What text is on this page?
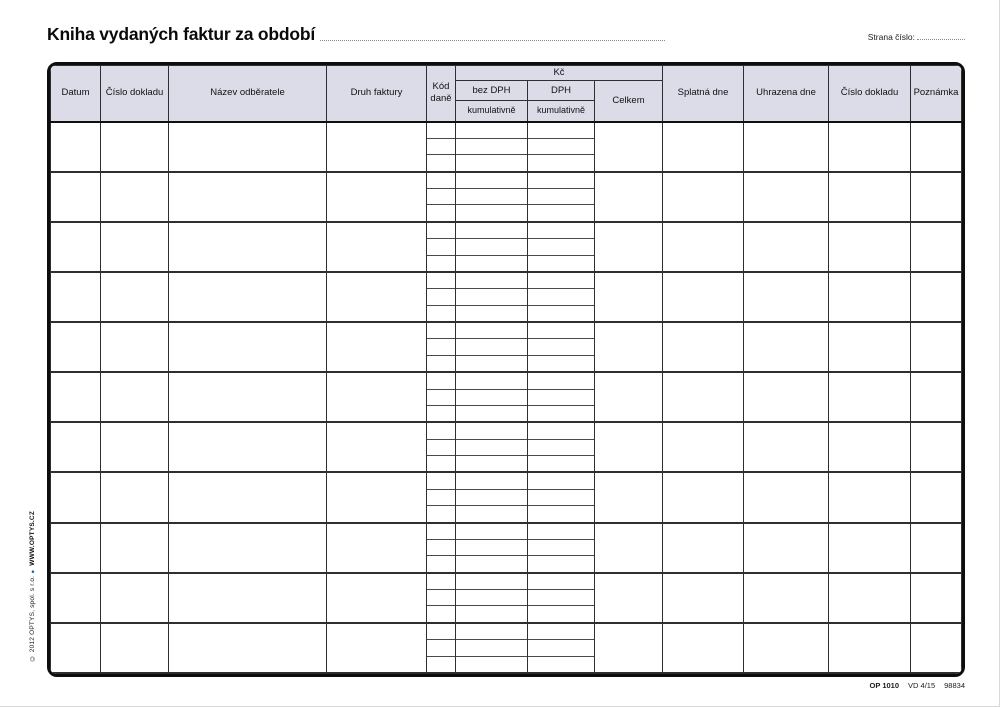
Kniha vydaných faktur za období	Strana číslo:
Datum	Číslo dokladu	Název odběratele	Druh faktury	Kód daně	Kč			Splatná dne	Uhrazena dne	Číslo dokladu	Poznámka
					bez DPH	DPH	Celkem				
					kumulativně	kumulativně					

© 2012 OPTYS, spol. s r.o. ● WWW.OPTYS.CZ
OP 1010 VD 4/15 98834
